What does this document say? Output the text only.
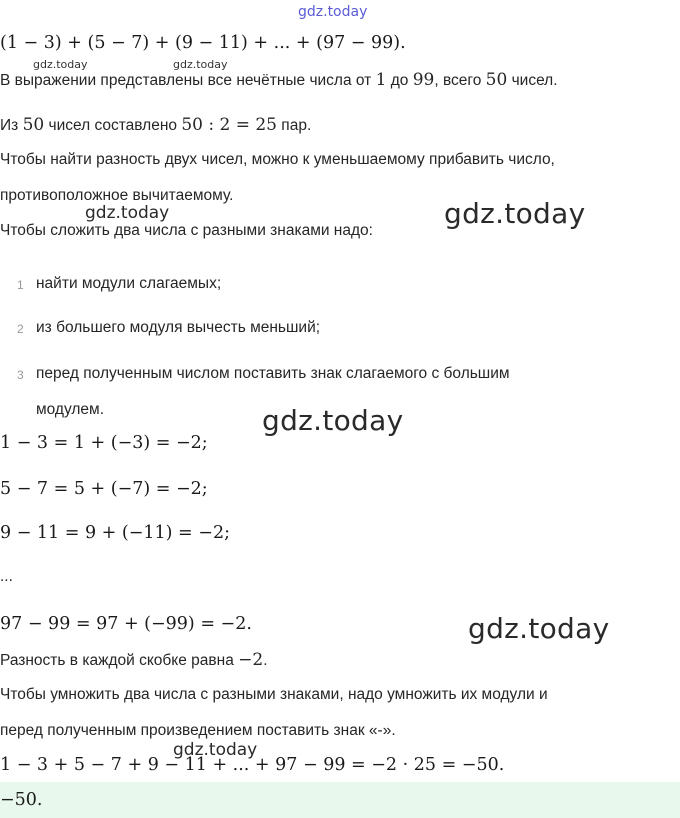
gdz.today
(1 − 3) + (5 − 7) + (9 − 11) + ... + (97 − 99).
gdz.today	gdz.today
В выражении представлены все нечётные числа от 1 до 99, всего 50 чисел.
Из 50 чисел составлено 50 : 2 = 25 пар.
Чтобы найти разность двух чисел, можно к уменьшаемому прибавить число,
противоположное вычитаемому.
gdz.today	gdz.today
Чтобы сложить два числа с разными знаками надо:
1 найти модули слагаемых;
2 из большего модуля вычесть меньший;
3 перед полученным числом поставить знак слагаемого с большим
модулем.	gdz.today
1 − 3 = 1 + (−3) = −2;
5 − 7 = 5 + (−7) = −2;
9 − 11 = 9 + (−11) = −2;
...
97 − 99 = 97 + (−99) = −2.	gdz.today
Разность в каждой скобке равна −2.
Чтобы умножить два числа с разными знаками, надо умножить их модули и
перед полученным произведением поставить знак «-».
gdz.today
1 − 3 + 5 − 7 + 9 − 11 + ... + 97 − 99 = −2 · 25 = −50.
−50.
